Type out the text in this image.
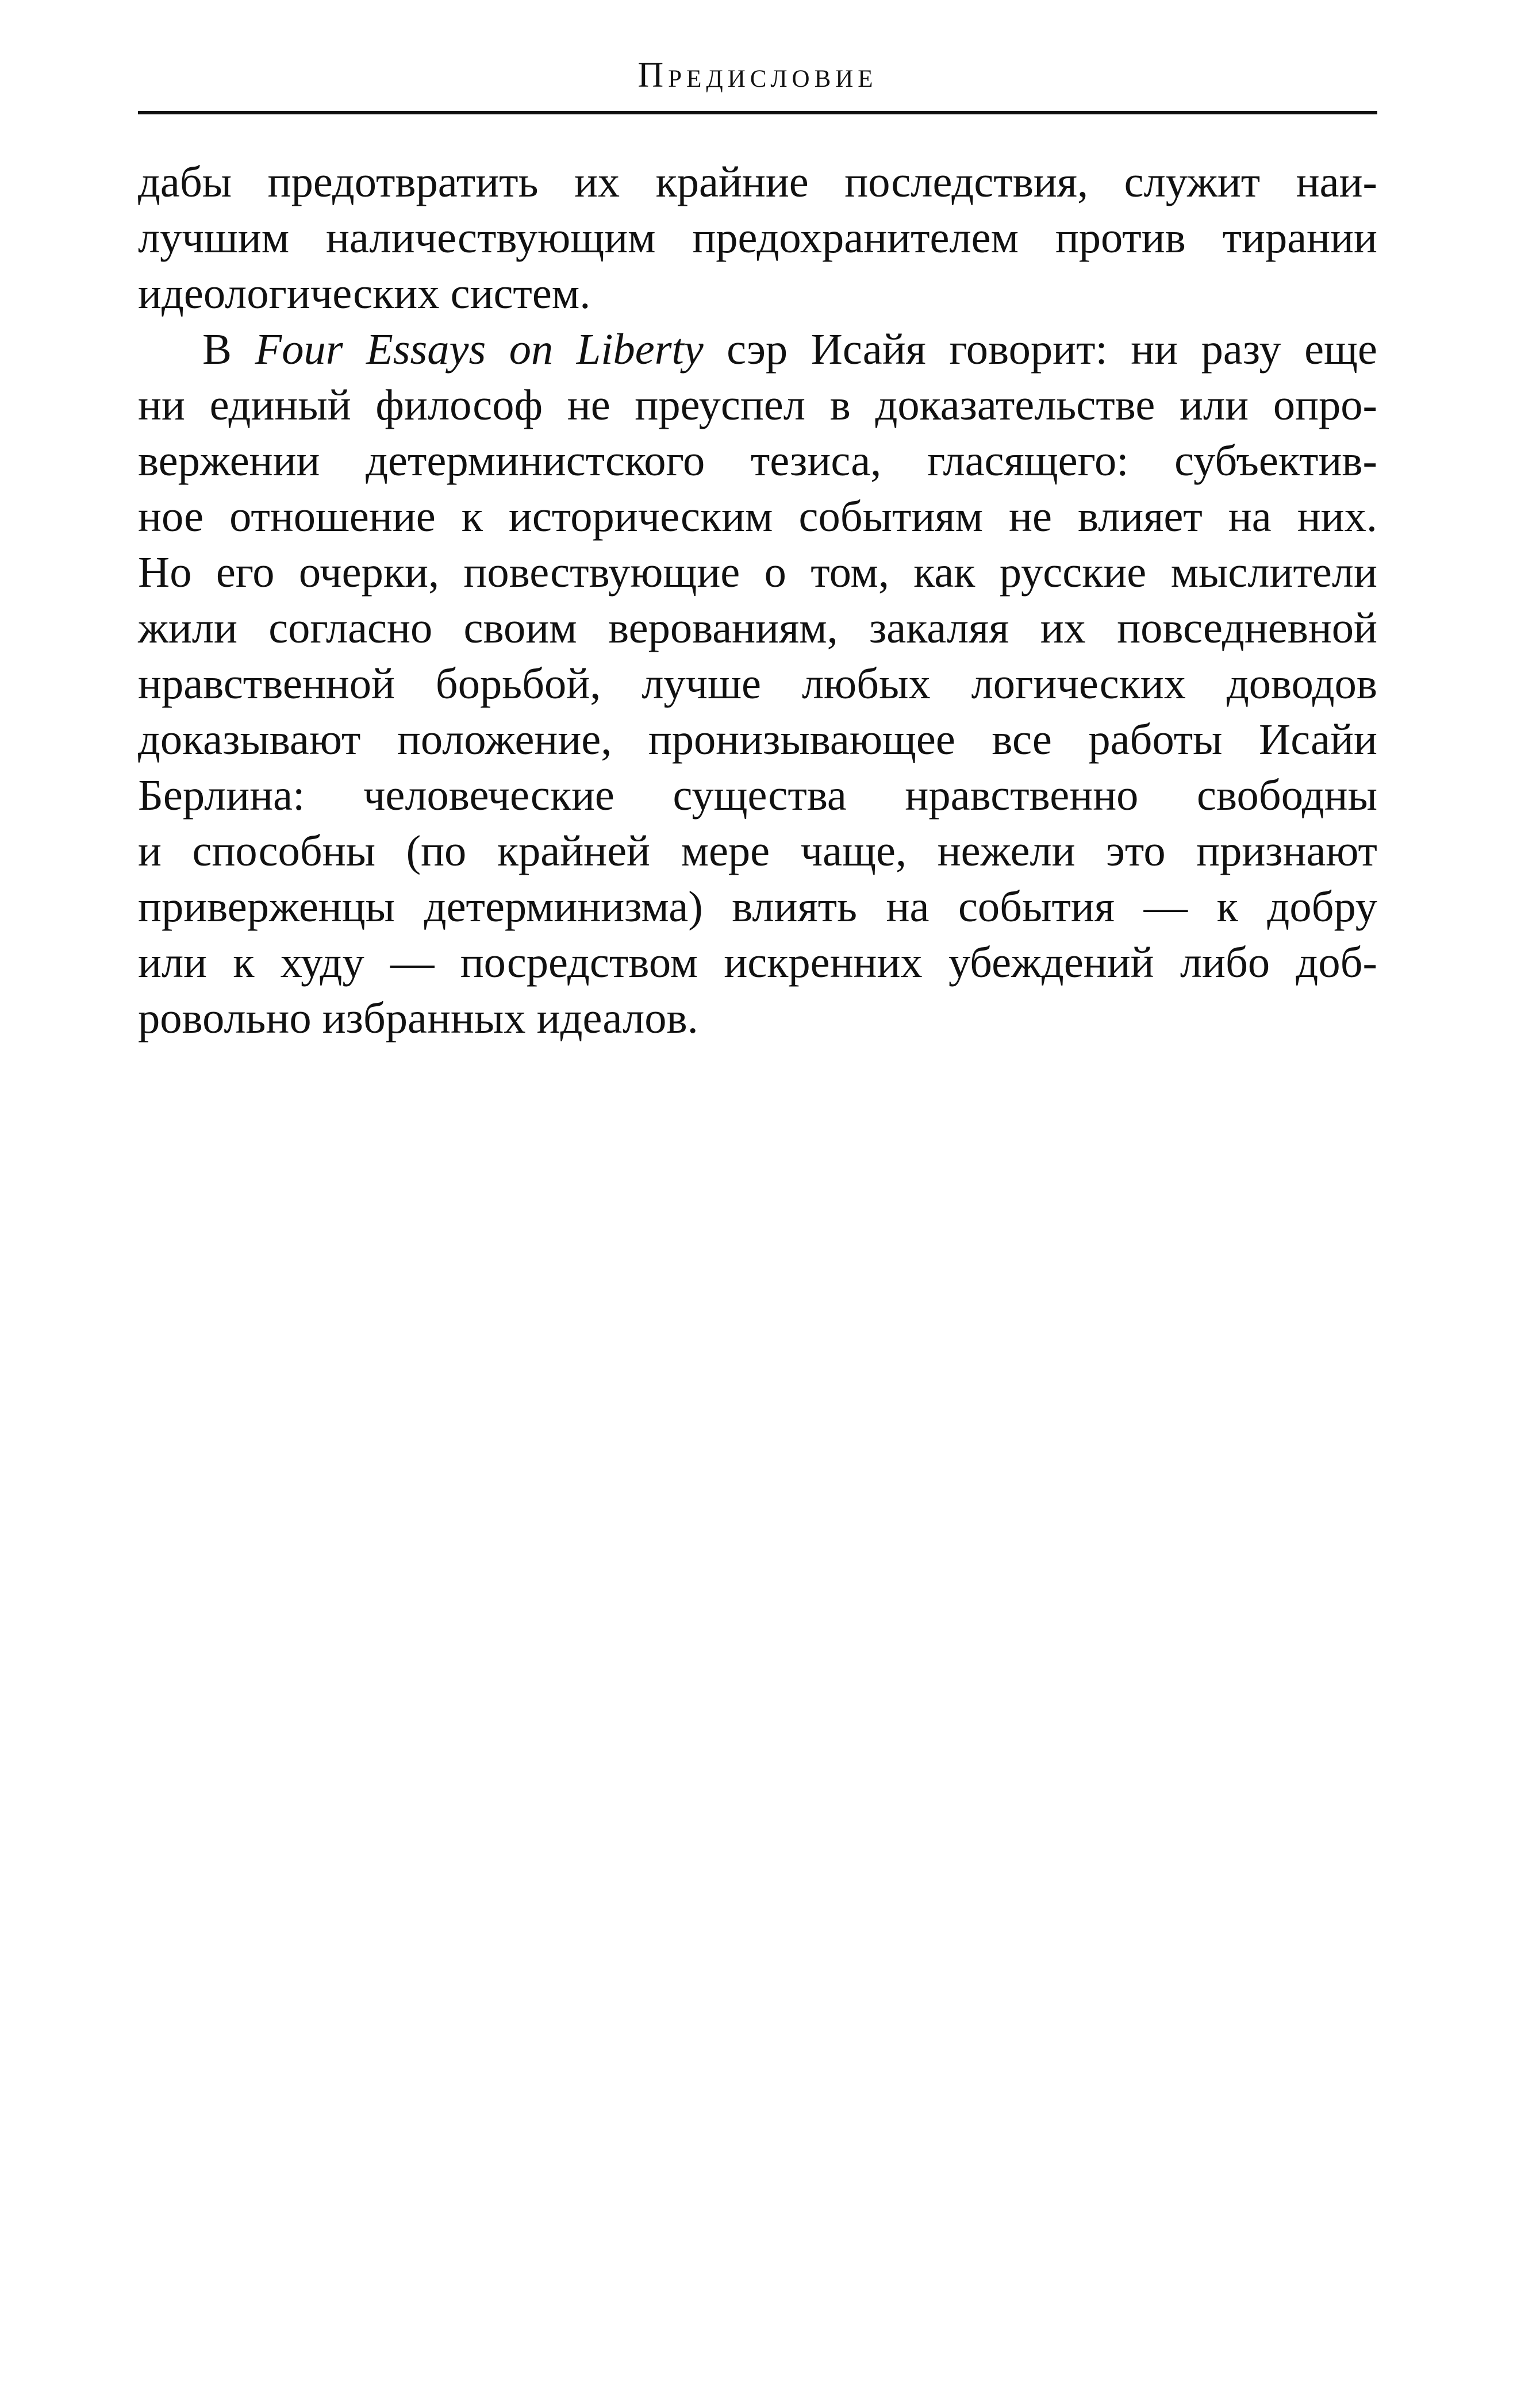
Предисловие
дабы предотвратить их крайние последствия, служит наи-
лучшим наличествующим предохранителем против тирании
идеологических систем.
В Four Essays on Liberty сэр Исайя говорит: ни разу еще
ни единый философ не преуспел в доказательстве или опро-
вержении детерминистского тезиса, гласящего: субъектив-
ное отношение к историческим событиям не влияет на них.
Но его очерки, повествующие о том, как русские мыслители
жили согласно своим верованиям, закаляя их повседневной
нравственной борьбой, лучше любых логических доводов
доказывают положение, пронизывающее все работы Исайи
Берлина: человеческие существа нравственно свободны
и способны (по крайней мере чаще, нежели это признают
приверженцы детерминизма) влиять на события — к добру
или к худу — посредством искренних убеждений либо доб-
ровольно избранных идеалов.
